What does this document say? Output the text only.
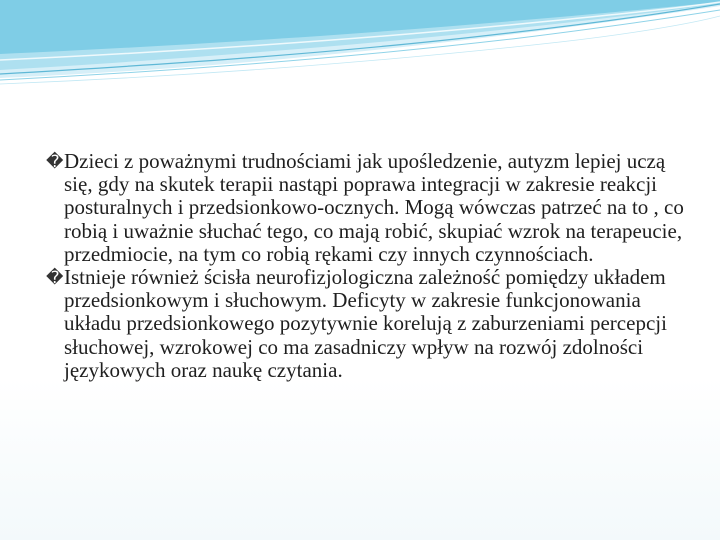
� Dzieci z poważnymi trudnościami jak upośledzenie, autyzm lepiej uczą się, gdy na skutek terapii nastąpi poprawa integracji w zakresie reakcji posturalnych i przedsionkowo-ocznych. Mogą wówczas patrzeć na to , co robią i uważnie słuchać tego, co mają robić, skupiać wzrok na terapeucie, przedmiocie, na tym co robią rękami czy innych czynnościach.

� Istnieje również ścisła neurofizjologiczna zależność pomiędzy układem przedsionkowym i słuchowym. Deficyty w zakresie funkcjonowania układu przedsionkowego pozytywnie korelują z zaburzeniami percepcji słuchowej, wzrokowej co ma zasadniczy wpływ na rozwój zdolności językowych oraz naukę czytania.
